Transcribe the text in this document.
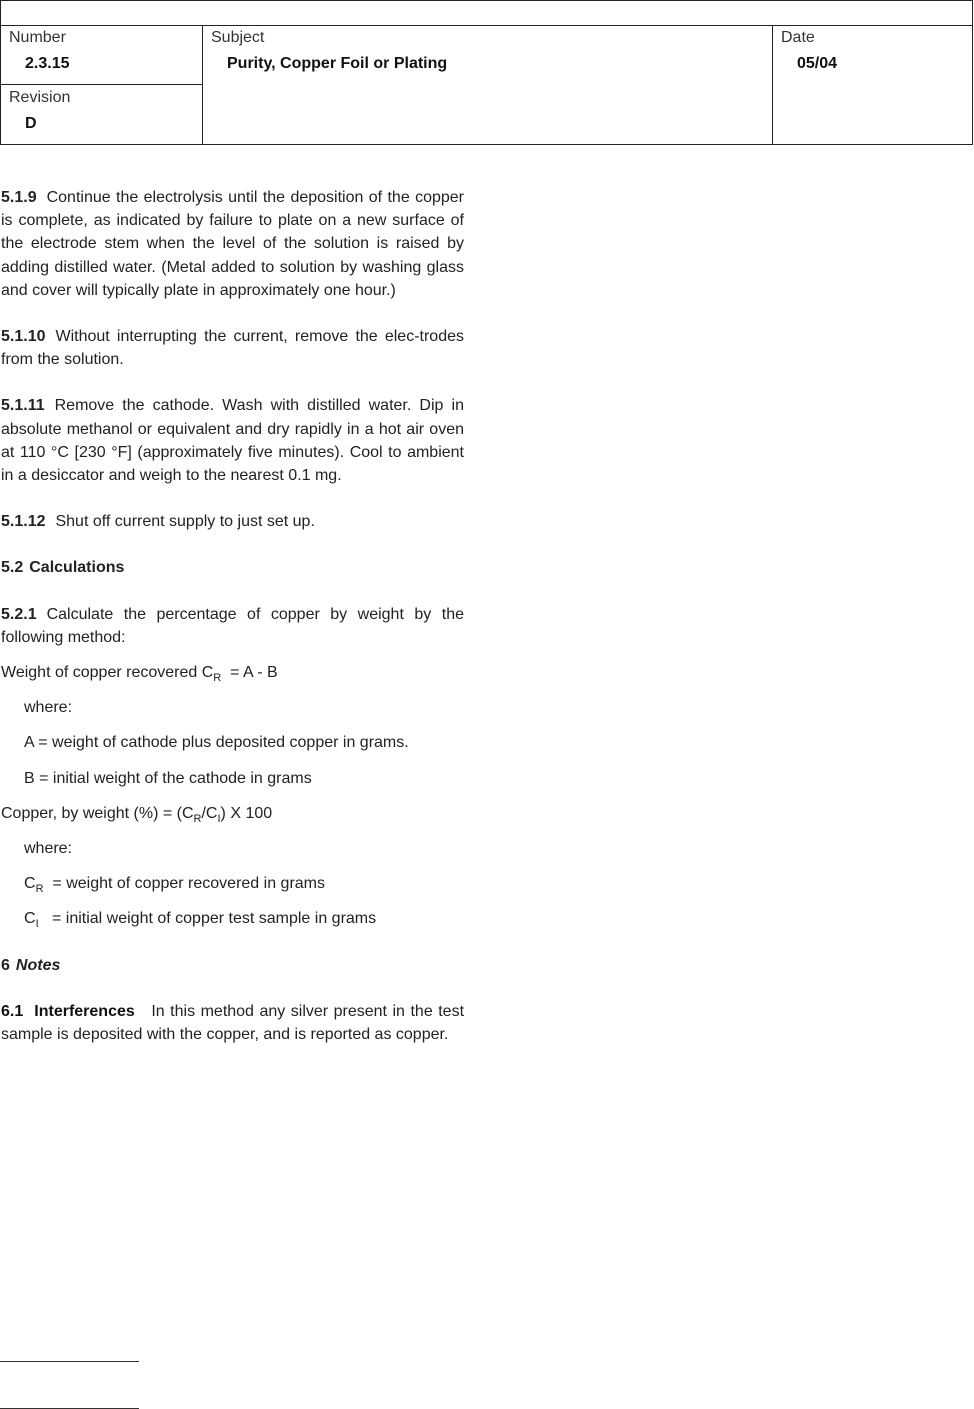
Number
2.3.15
Revision
D
Subject
Purity, Copper Foil or Plating
Date
05/04

5.1.9 Continue the electrolysis until the deposition of the copper is complete, as indicated by failure to plate on a new surface of the electrode stem when the level of the solution is raised by adding distilled water. (Metal added to solution by washing glass and cover will typically plate in approximately one hour.)

5.1.10 Without interrupting the current, remove the elec-trodes from the solution.

5.1.11 Remove the cathode. Wash with distilled water. Dip in absolute methanol or equivalent and dry rapidly in a hot air oven at 110 °C [230 °F] (approximately five minutes). Cool to ambient in a desiccator and weigh to the nearest 0.1 mg.

5.1.12 Shut off current supply to just set up.

5.2 Calculations

5.2.1 Calculate the percentage of copper by weight by the following method:

Weight of copper recovered $C_R = A - B$

where:

A = weight of cathode plus deposited copper in grams.

B = initial weight of the cathode in grams

Copper, by weight (%) = $(C_R/C_I)$ X 100

where:

$C_R$ = weight of copper recovered in grams

$C_I$ = initial weight of copper test sample in grams

6 Notes

6.1 Interferences In this method any silver present in the test sample is deposited with the copper, and is reported as copper.
